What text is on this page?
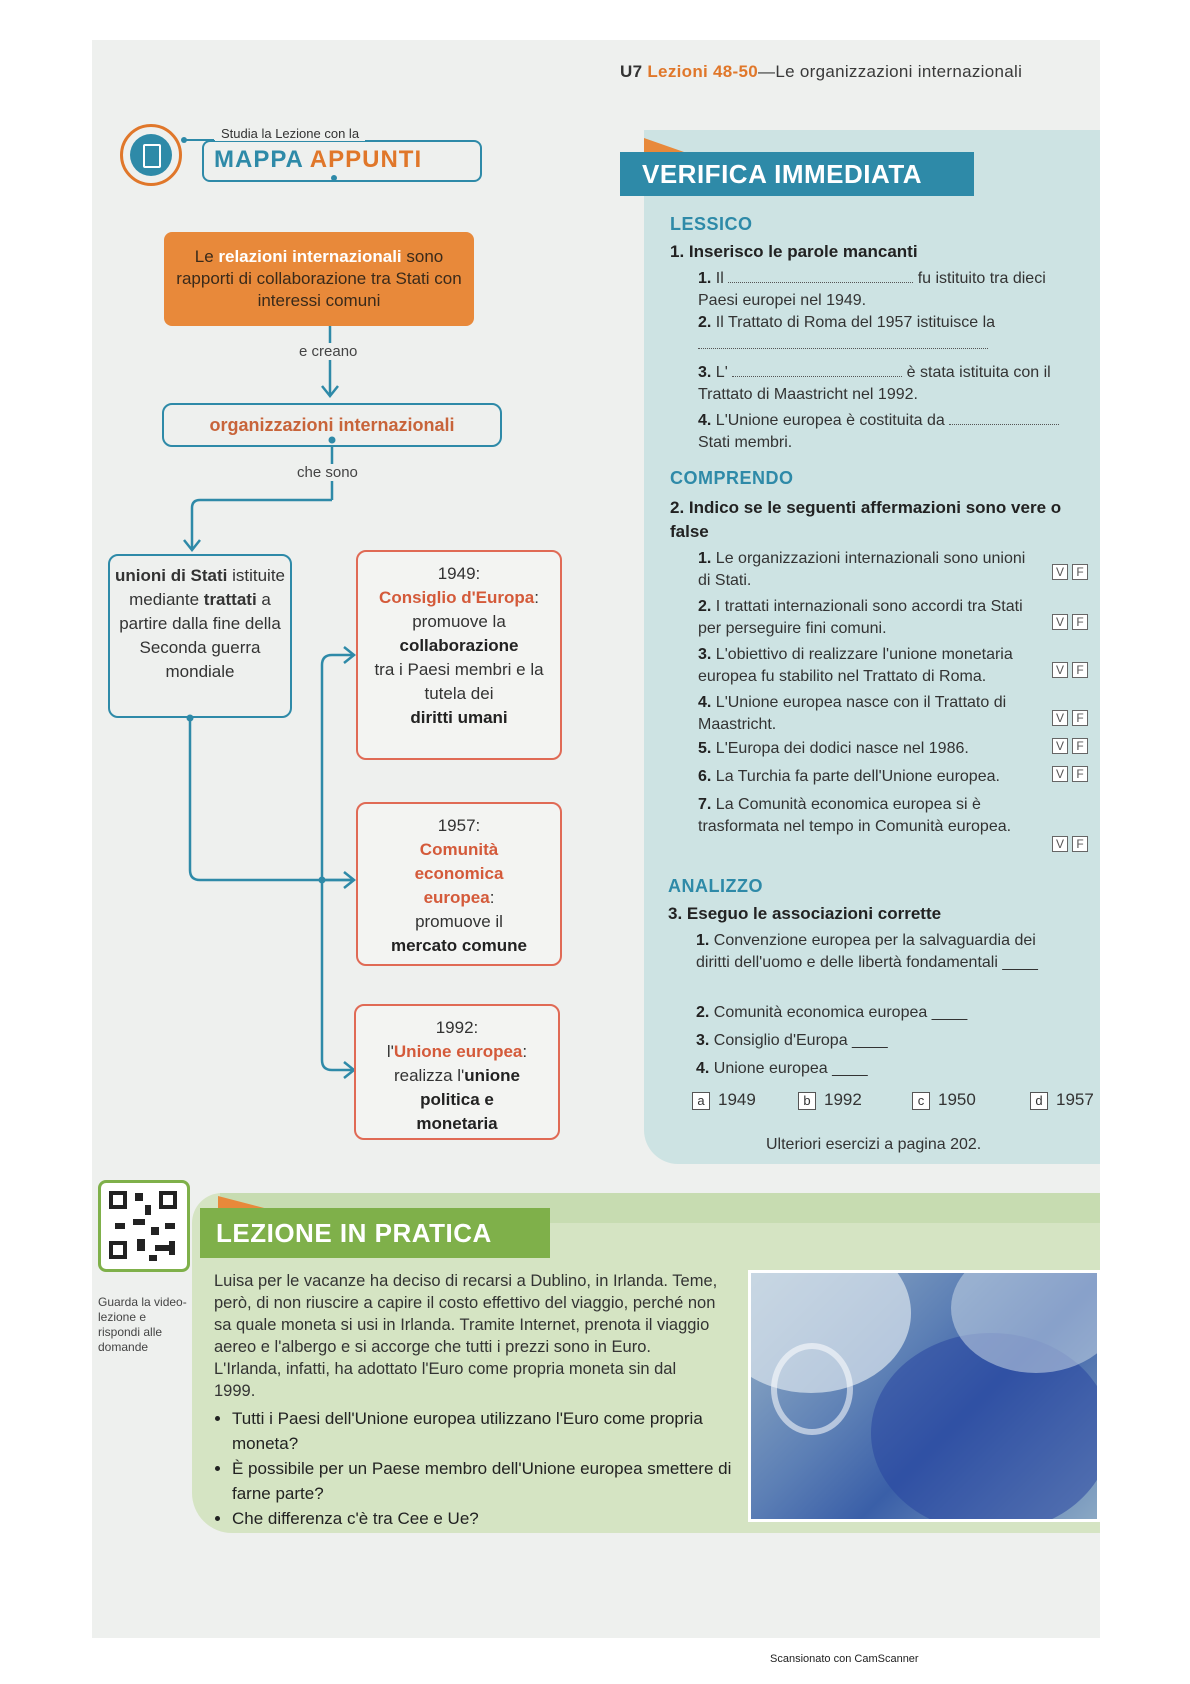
U7 Lezioni 48-50—Le organizzazioni internazionali
Studia la Lezione con la
MAPPA APPUNTI
Le relazioni internazionali sono rapporti di collaborazione tra Stati con interessi comuni
e creano
organizzazioni internazionali
che sono
unioni di Stati istituite mediante trattati a partire dalla fine della Seconda guerra mondiale
1949:
Consiglio d'Europa:
promuove la
collaborazione
tra i Paesi membri e la tutela dei
diritti umani
1957:
Comunità economica europea:
promuove il
mercato comune
1992:
l'Unione europea:
realizza l'unione politica e monetaria
VERIFICA IMMEDIATA
LESSICO
1. Inserisco le parole mancanti
1. Il	fu istituito tra dieci Paesi europei nel 1949.
2. Il Trattato di Roma del 1957 istituisce la
3. L'	è stata istituita con il Trattato di Maastricht nel 1992.
4. L'Unione europea è costituita da  Stati membri.
COMPRENDO
2. Indico se le seguenti affermazioni sono vere o false
1. Le organizzazioni internazionali sono unioni di Stati.	V F
2. I trattati internazionali sono accordi tra Stati per perseguire fini comuni.	V F
3. L'obiettivo di realizzare l'unione monetaria europea fu stabilito nel Trattato di Roma.	V F
4. L'Unione europea nasce con il Trattato di Maastricht.	V F
5. L'Europa dei dodici nasce nel 1986.	V F
6. La Turchia fa parte dell'Unione europea.	V F
7. La Comunità economica europea si è trasformata nel tempo in Comunità europea.
V F
ANALIZZO
3. Eseguo le associazioni corrette
1. Convenzione europea per la salvaguardia dei diritti dell'uomo e delle libertà fondamentali ____
2. Comunità economica europea ____
3. Consiglio d'Europa ____
4. Unione europea ____
a 1949	b 1992	c 1950	d 1957
Ulteriori esercizi a pagina 202.
LEZIONE IN PRATICA
Guarda la video-lezione e rispondi alle domande
Luisa per le vacanze ha deciso di recarsi a Dublino, in Irlanda. Teme, però, di non riuscire a capire il costo effettivo del viaggio, perché non sa quale moneta si usi in Irlanda. Tramite Internet, prenota il viaggio aereo e l'albergo e si accorge che tutti i prezzi sono in Euro. L'Irlanda, infatti, ha adottato l'Euro come propria moneta sin dal 1999.
• Tutti i Paesi dell'Unione europea utilizzano l'Euro come propria moneta?
• È possibile per un Paese membro dell'Unione europea smettere di farne parte?
• Che differenza c'è tra Cee e Ue?
Scansionato con CamScanner
